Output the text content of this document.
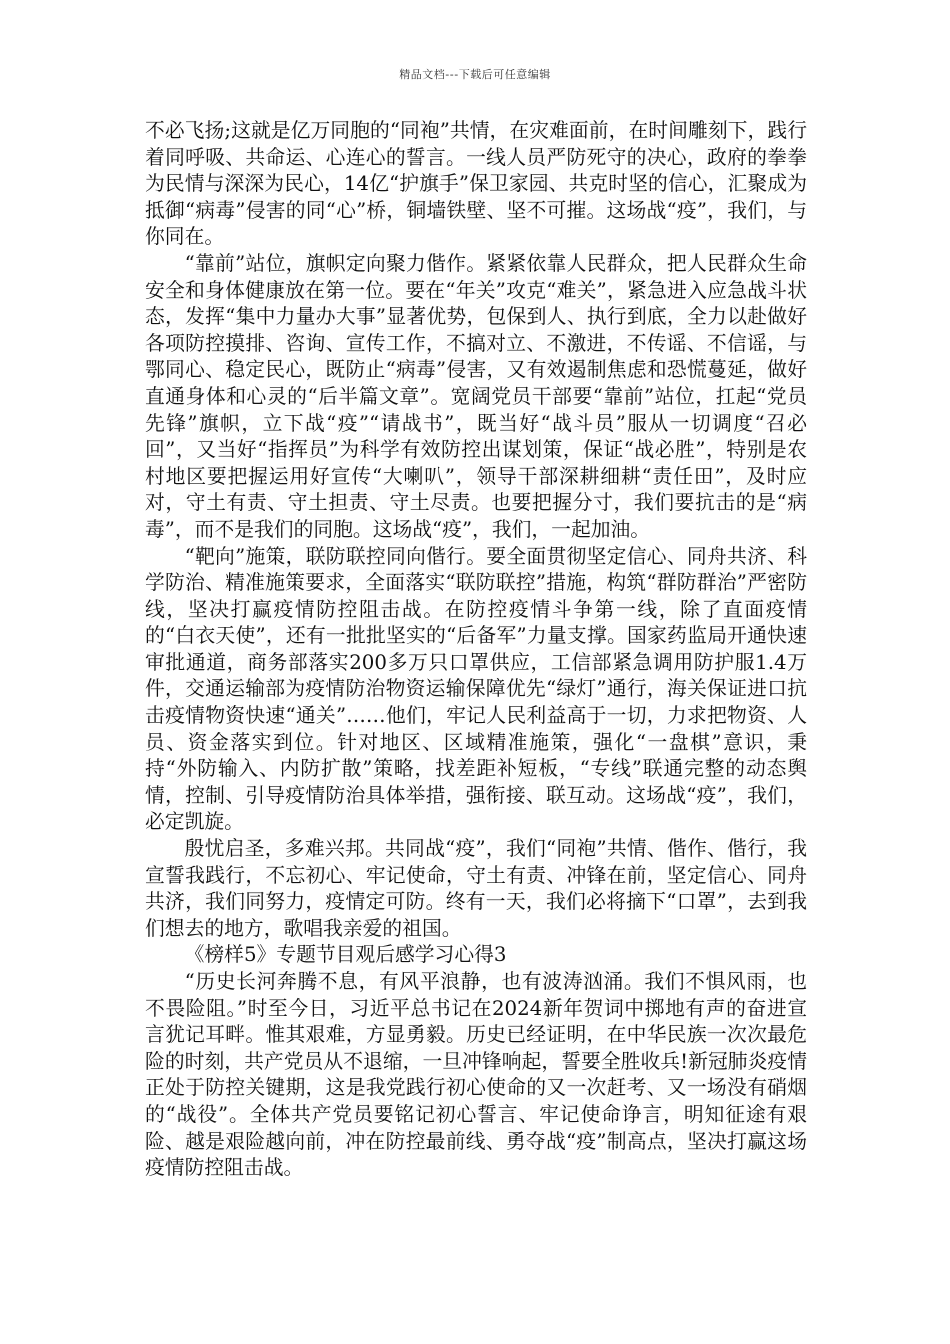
精品文档---下载后可任意编辑

不必飞扬;这就是亿万同胞的“同袍”共情，在灾难面前，在时间雕刻下，践行着同呼吸、共命运、心连心的誓言。一线人员严防死守的决心，政府的拳拳为民情与深深为民心，14亿“护旗手”保卫家园、共克时坚的信心，汇聚成为抵御“病毒”侵害的同“心”桥，铜墙铁壁、坚不可摧。这场战“疫”，我们，与你同在。

“靠前”站位，旗帜定向聚力偕作。紧紧依靠人民群众，把人民群众生命安全和身体健康放在第一位。要在“年关”攻克“难关”，紧急进入应急战斗状态，发挥“集中力量办大事”显著优势，包保到人、执行到底，全力以赴做好各项防控摸排、咨询、宣传工作，不搞对立、不激进，不传谣、不信谣，与鄂同心、稳定民心，既防止“病毒”侵害，又有效遏制焦虑和恐慌蔓延，做好直通身体和心灵的“后半篇文章”。宽阔党员干部要“靠前”站位，扛起“党员先锋”旗帜，立下战“疫”“请战书”，既当好“战斗员”服从一切调度“召必回”，又当好“指挥员”为科学有效防控出谋划策，保证“战必胜”，特别是农村地区要把握运用好宣传“大喇叭”，领导干部深耕细耕“责任田”，及时应对，守土有责、守土担责、守土尽责。也要把握分寸，我们要抗击的是“病毒”，而不是我们的同胞。这场战“疫”，我们，一起加油。

“靶向”施策，联防联控同向偕行。要全面贯彻坚定信心、同舟共济、科学防治、精准施策要求，全面落实“联防联控”措施，构筑“群防群治”严密防线，坚决打赢疫情防控阻击战。在防控疫情斗争第一线，除了直面疫情的“白衣天使”，还有一批批坚实的“后备军”力量支撑。国家药监局开通快速审批通道，商务部落实200多万只口罩供应，工信部紧急调用防护服1.4万件，交通运输部为疫情防治物资运输保障优先“绿灯”通行，海关保证进口抗击疫情物资快速“通关”……他们，牢记人民利益高于一切，力求把物资、人员、资金落实到位。针对地区、区域精准施策，强化“一盘棋”意识，秉持“外防输入、内防扩散”策略，找差距补短板，“专线”联通完整的动态舆情，控制、引导疫情防治具体举措，强衔接、联互动。这场战“疫”，我们，必定凯旋。

殷忧启圣，多难兴邦。共同战“疫”，我们“同袍”共情、偕作、偕行，我宣誓我践行，不忘初心、牢记使命，守土有责、冲锋在前，坚定信心、同舟共济，我们同努力，疫情定可防。终有一天，我们必将摘下“口罩”，去到我们想去的地方，歌唱我亲爱的祖国。

《榜样5》专题节目观后感学习心得3

“历史长河奔腾不息，有风平浪静，也有波涛汹涌。我们不惧风雨，也不畏险阻。”时至今日，习近平总书记在2024新年贺词中掷地有声的奋进宣言犹记耳畔。惟其艰难，方显勇毅。历史已经证明，在中华民族一次次最危险的时刻，共产党员从不退缩，一旦冲锋响起，誓要全胜收兵!新冠肺炎疫情正处于防控关键期，这是我党践行初心使命的又一次赶考、又一场没有硝烟的“战役”。全体共产党员要铭记初心誓言、牢记使命诤言，明知征途有艰险、越是艰险越向前，冲在防控最前线、勇夺战“疫”制高点，坚决打赢这场疫情防控阻击战。
